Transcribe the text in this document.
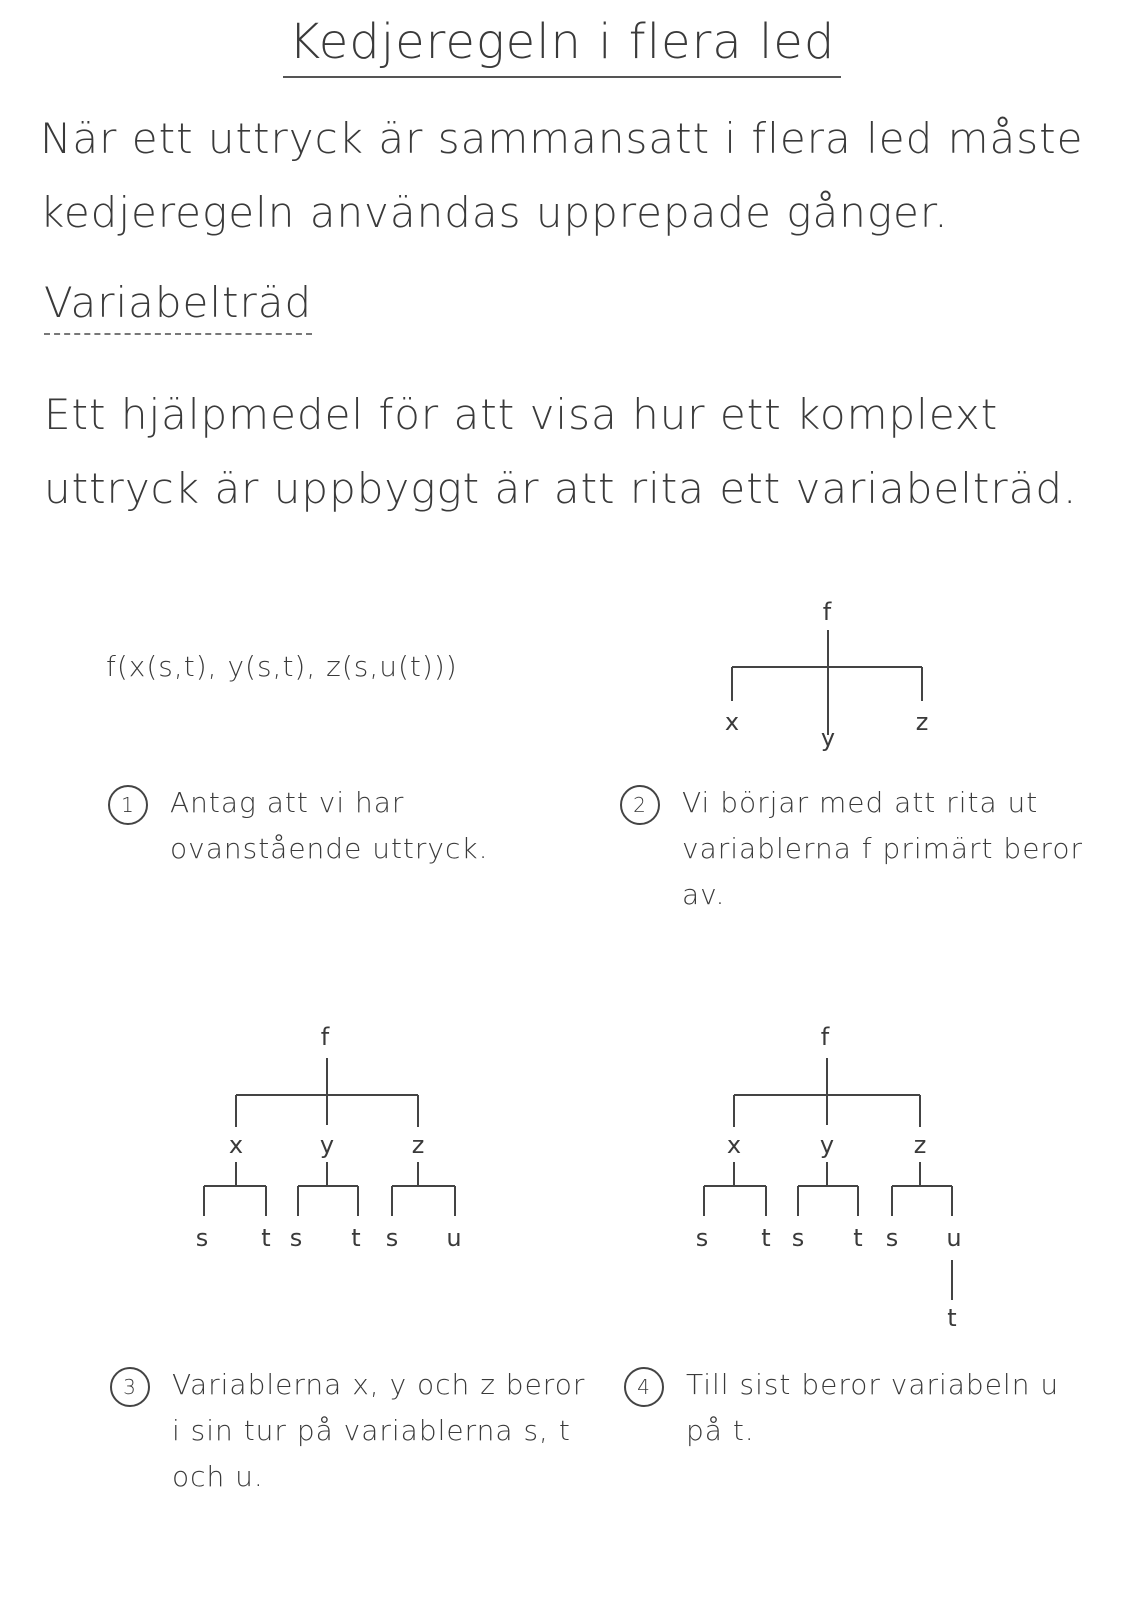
Kedjeregeln i flera led
När ett uttryck är sammansatt i flera led måste kedjeregeln användas upprepade gånger.
Variabelträd
Ett hjälpmedel för att visa hur ett komplext uttryck är uppbyggt är att rita ett variabelträd.
f(x(s,t), y(s,t), z(s,u(t)))
f
x	z
y
1 Antag att vi har ovanstående uttryck.
2 Vi börjar med att rita ut variablerna f primärt beror av.
f
x	y	z
s t s t s u
f
x	y	z
s t s t s u
t
3 Variablerna x, y och z beror i sin tur på variablerna s, t och u.
4 Till sist beror variabeln u på t.
